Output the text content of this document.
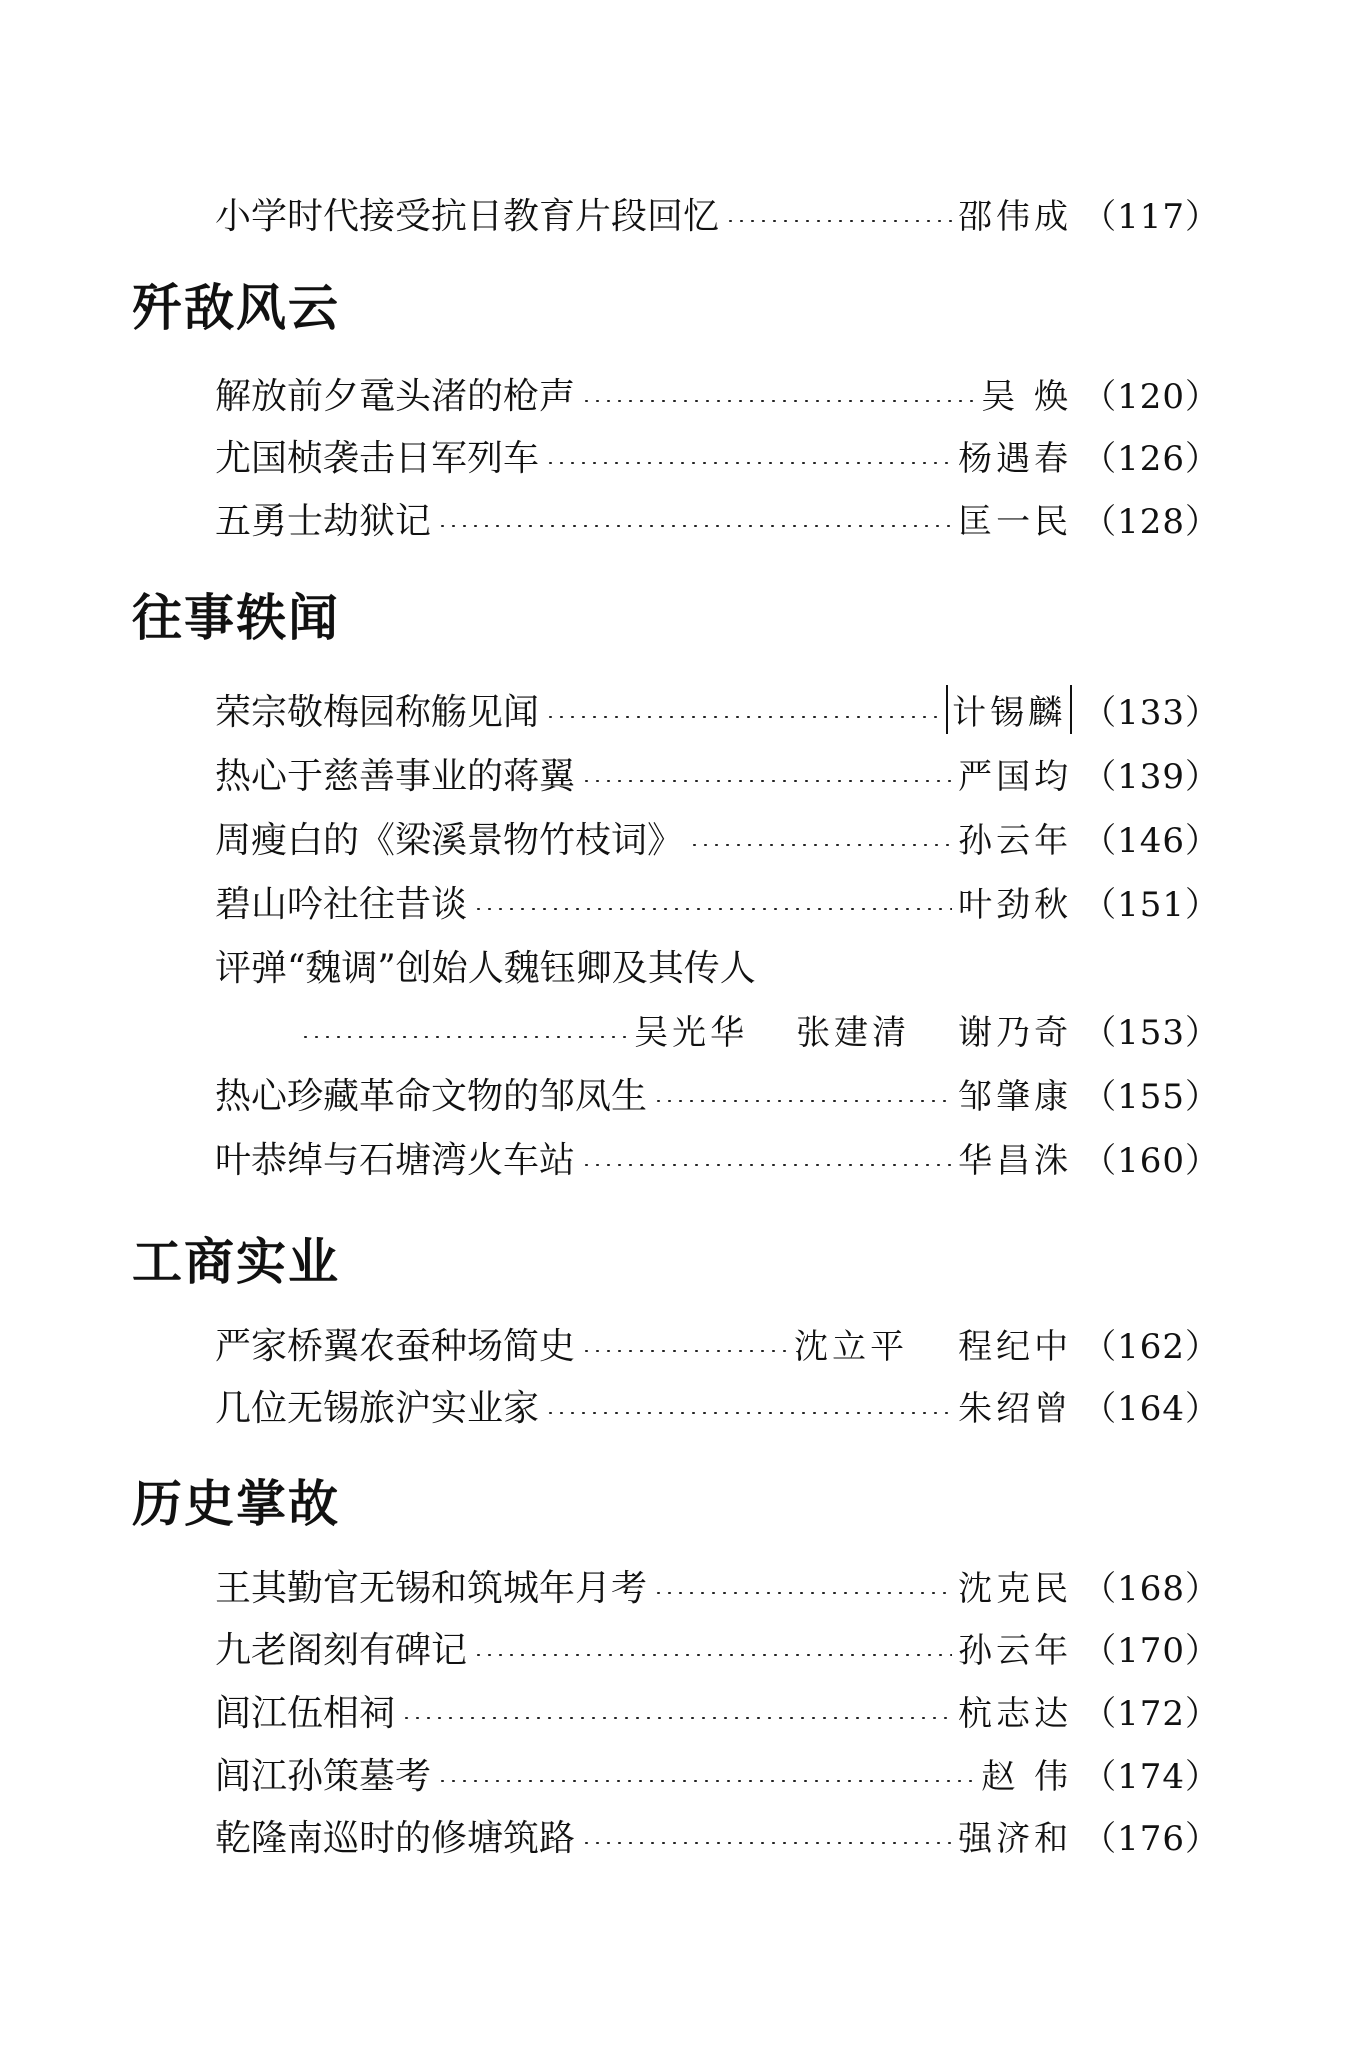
小学时代接受抗日教育片段回忆	邵伟成 （117）
歼敌风云
解放前夕鼋头渚的枪声	吴 焕 （120）
尤国桢袭击日军列车	杨遇春 （126）
五勇士劫狱记	匡一民 （128）
往事轶闻
荣宗敬梅园称觞见闻	计锡麟 （133）
热心于慈善事业的蒋翼	严国均 （139）
周瘦白的《梁溪景物竹枝词》	孙云年 （146）
碧山吟社往昔谈	叶劲秋 （151）
评弹“魏调”创始人魏钰卿及其传人
吴光华 张建清 谢乃奇 （153）
热心珍藏革命文物的邹凤生	邹肇康 （155）
叶恭绰与石塘湾火车站	华昌洙 （160）
工商实业
严家桥翼农蚕种场简史	沈立平 程纪中 （162）
几位无锡旅沪实业家	朱绍曾 （164）
历史掌故
王其勤官无锡和筑城年月考	沈克民 （168）
九老阁刻有碑记	孙云年 （170）
闾江伍相祠	杭志达 （172）
闾江孙策墓考	赵 伟 （174）
乾隆南巡时的修塘筑路	强济和 （176）
